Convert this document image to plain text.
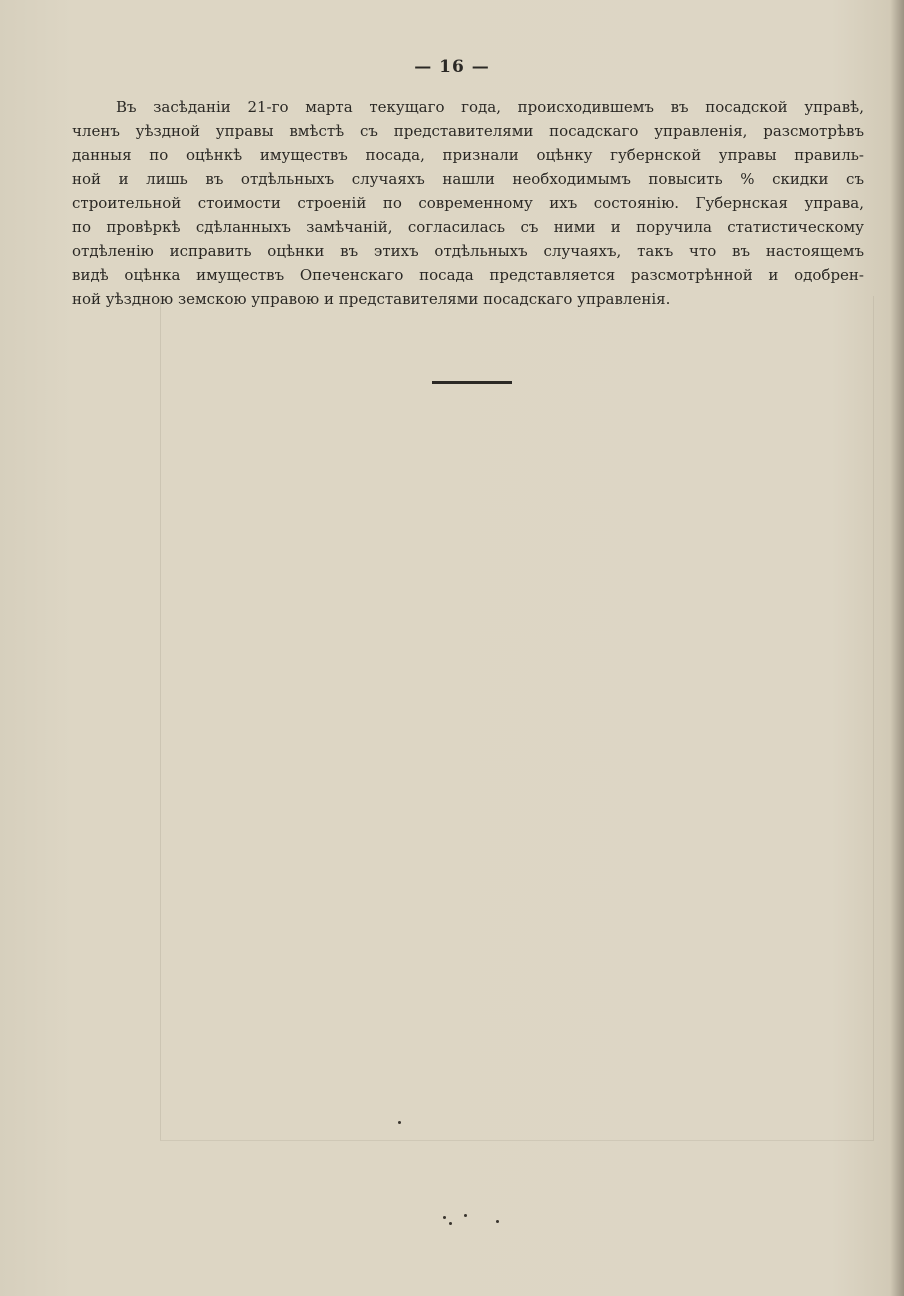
— 16 —
Въ засѣданіи 21-го марта текущаго года, происходившемъ въ посадской управѣ,
членъ уѣздной управы вмѣстѣ съ представителями посадскаго управленія, разсмотрѣвъ
данныя по оцѣнкѣ имуществъ посада, признали оцѣнку губернской управы правиль-
ной и лишь въ отдѣльныхъ случаяхъ нашли необходимымъ повысить % скидки съ
строительной стоимости строеній по современному ихъ состоянію. Губернская управа,
по провѣркѣ сдѣланныхъ замѣчаній, согласилась съ ними и поручила статистическому
отдѣленію исправить оцѣнки въ этихъ отдѣльныхъ случаяхъ, такъ что въ настоящемъ
видѣ оцѣнка имуществъ Опеченскаго посада представляется разсмотрѣнной и одобрен-
ной уѣздною земскою управою и представителями посадскаго управленія.
